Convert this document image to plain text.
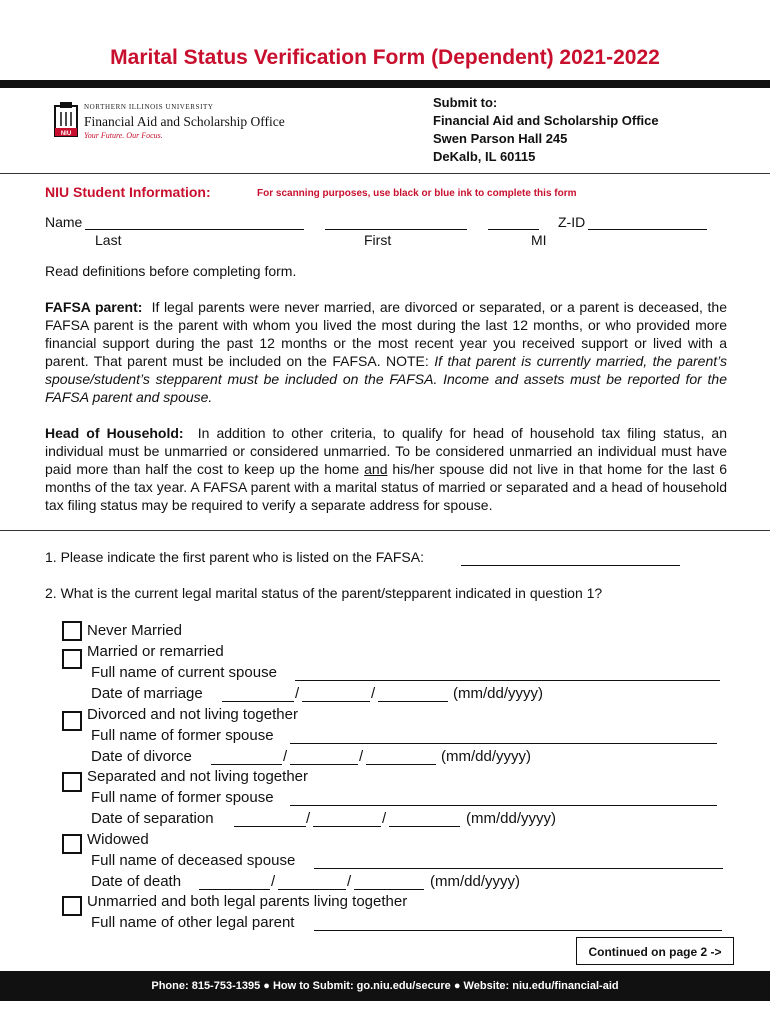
Marital Status Verification Form (Dependent) 2021-2022
NIU
NORTHERN ILLINOIS UNIVERSITY
Financial Aid and Scholarship Office
Your Future. Our Focus.
Submit to:
Financial Aid and Scholarship Office
Swen Parson Hall 245
DeKalb, IL 60115
NIU Student Information:	For scanning purposes, use black or blue ink to complete this form
Name	Z-ID
Last	First	MI
Read definitions before completing form.
FAFSA parent: If legal parents were never married, are divorced or separated, or a parent is deceased, the FAFSA parent is the parent with whom you lived the most during the last 12 months, or who provided more financial support during the past 12 months or the most recent year you received support or lived with a parent. That parent must be included on the FAFSA. NOTE: If that parent is currently married, the parent’s spouse/student’s stepparent must be included on the FAFSA. Income and assets must be reported for the FAFSA parent and spouse.
Head of Household: In addition to other criteria, to qualify for head of household tax filing status, an individual must be unmarried or considered unmarried. To be considered unmarried an individual must have paid more than half the cost to keep up the home and his/her spouse did not live in that home for the last 6 months of the tax year. A FAFSA parent with a marital status of married or separated and a head of household tax filing status may be required to verify a separate address for spouse.
1. Please indicate the first parent who is listed on the FAFSA:
2. What is the current legal marital status of the parent/stepparent indicated in question 1?
Never Married
Married or remarried
Full name of current spouse
Date of marriage	/	/	(mm/dd/yyyy)
Divorced and not living together
Full name of former spouse
Date of divorce	/	/	(mm/dd/yyyy)
Separated and not living together
Full name of former spouse
Date of separation	/	/	(mm/dd/yyyy)
Widowed
Full name of deceased spouse
Date of death	/	/	(mm/dd/yyyy)
Unmarried and both legal parents living together
Full name of other legal parent
Continued on page 2 ->
Phone: 815-753-1395 ● How to Submit: go.niu.edu/secure ● Website: niu.edu/financial-aid
